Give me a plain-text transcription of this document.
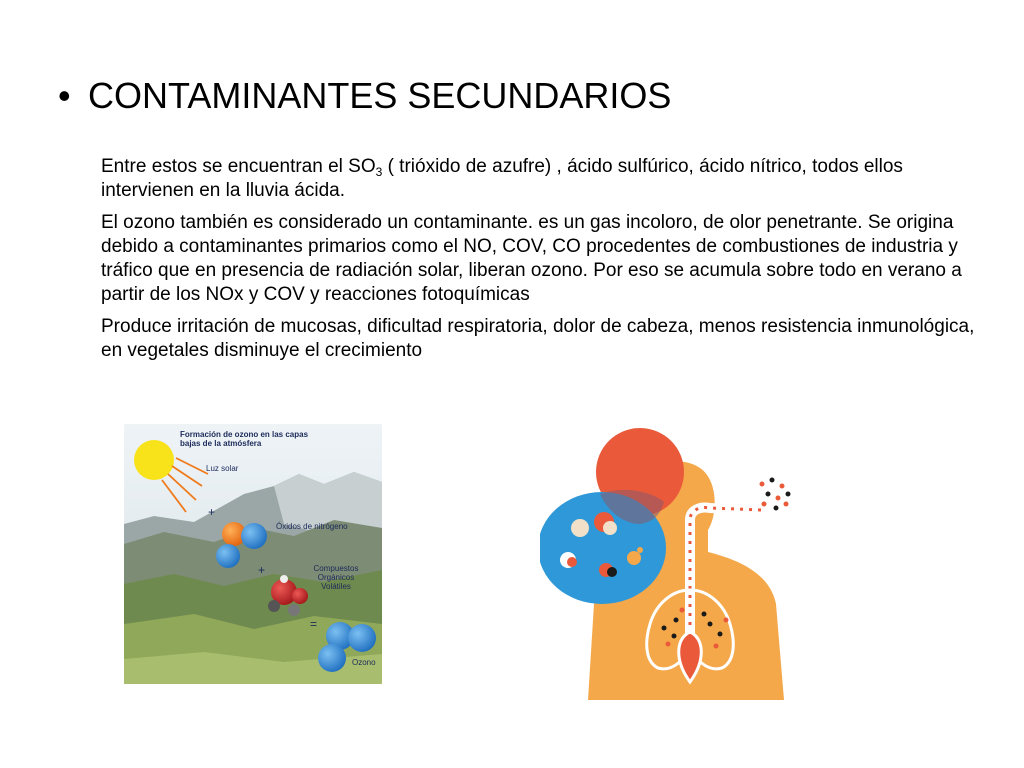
• CONTAMINANTES SECUNDARIOS

Entre estos se encuentran el $SO_3$ ( trióxido de azufre) , ácido sulfúrico, ácido nítrico, todos ellos intervienen en la lluvia ácida.

El ozono también es considerado un contaminante. es un gas incoloro, de olor penetrante. Se origina debido a contaminantes primarios como el NO, COV, CO procedentes de combustiones de industria y tráfico que en presencia de radiación solar, liberan ozono. Por eso se acumula sobre todo en verano a partir de los NOx y COV y reacciones fotoquímicas

Produce irritación de mucosas, dificultad respiratoria, dolor de cabeza, menos resistencia inmunológica, en vegetales disminuye el crecimiento

+
+
=
Formación de ozono en las capas bajas de la atmósfera
Luz solar
Óxidos de nitrógeno
Compuestos Orgánicos Volátiles
Ozono
